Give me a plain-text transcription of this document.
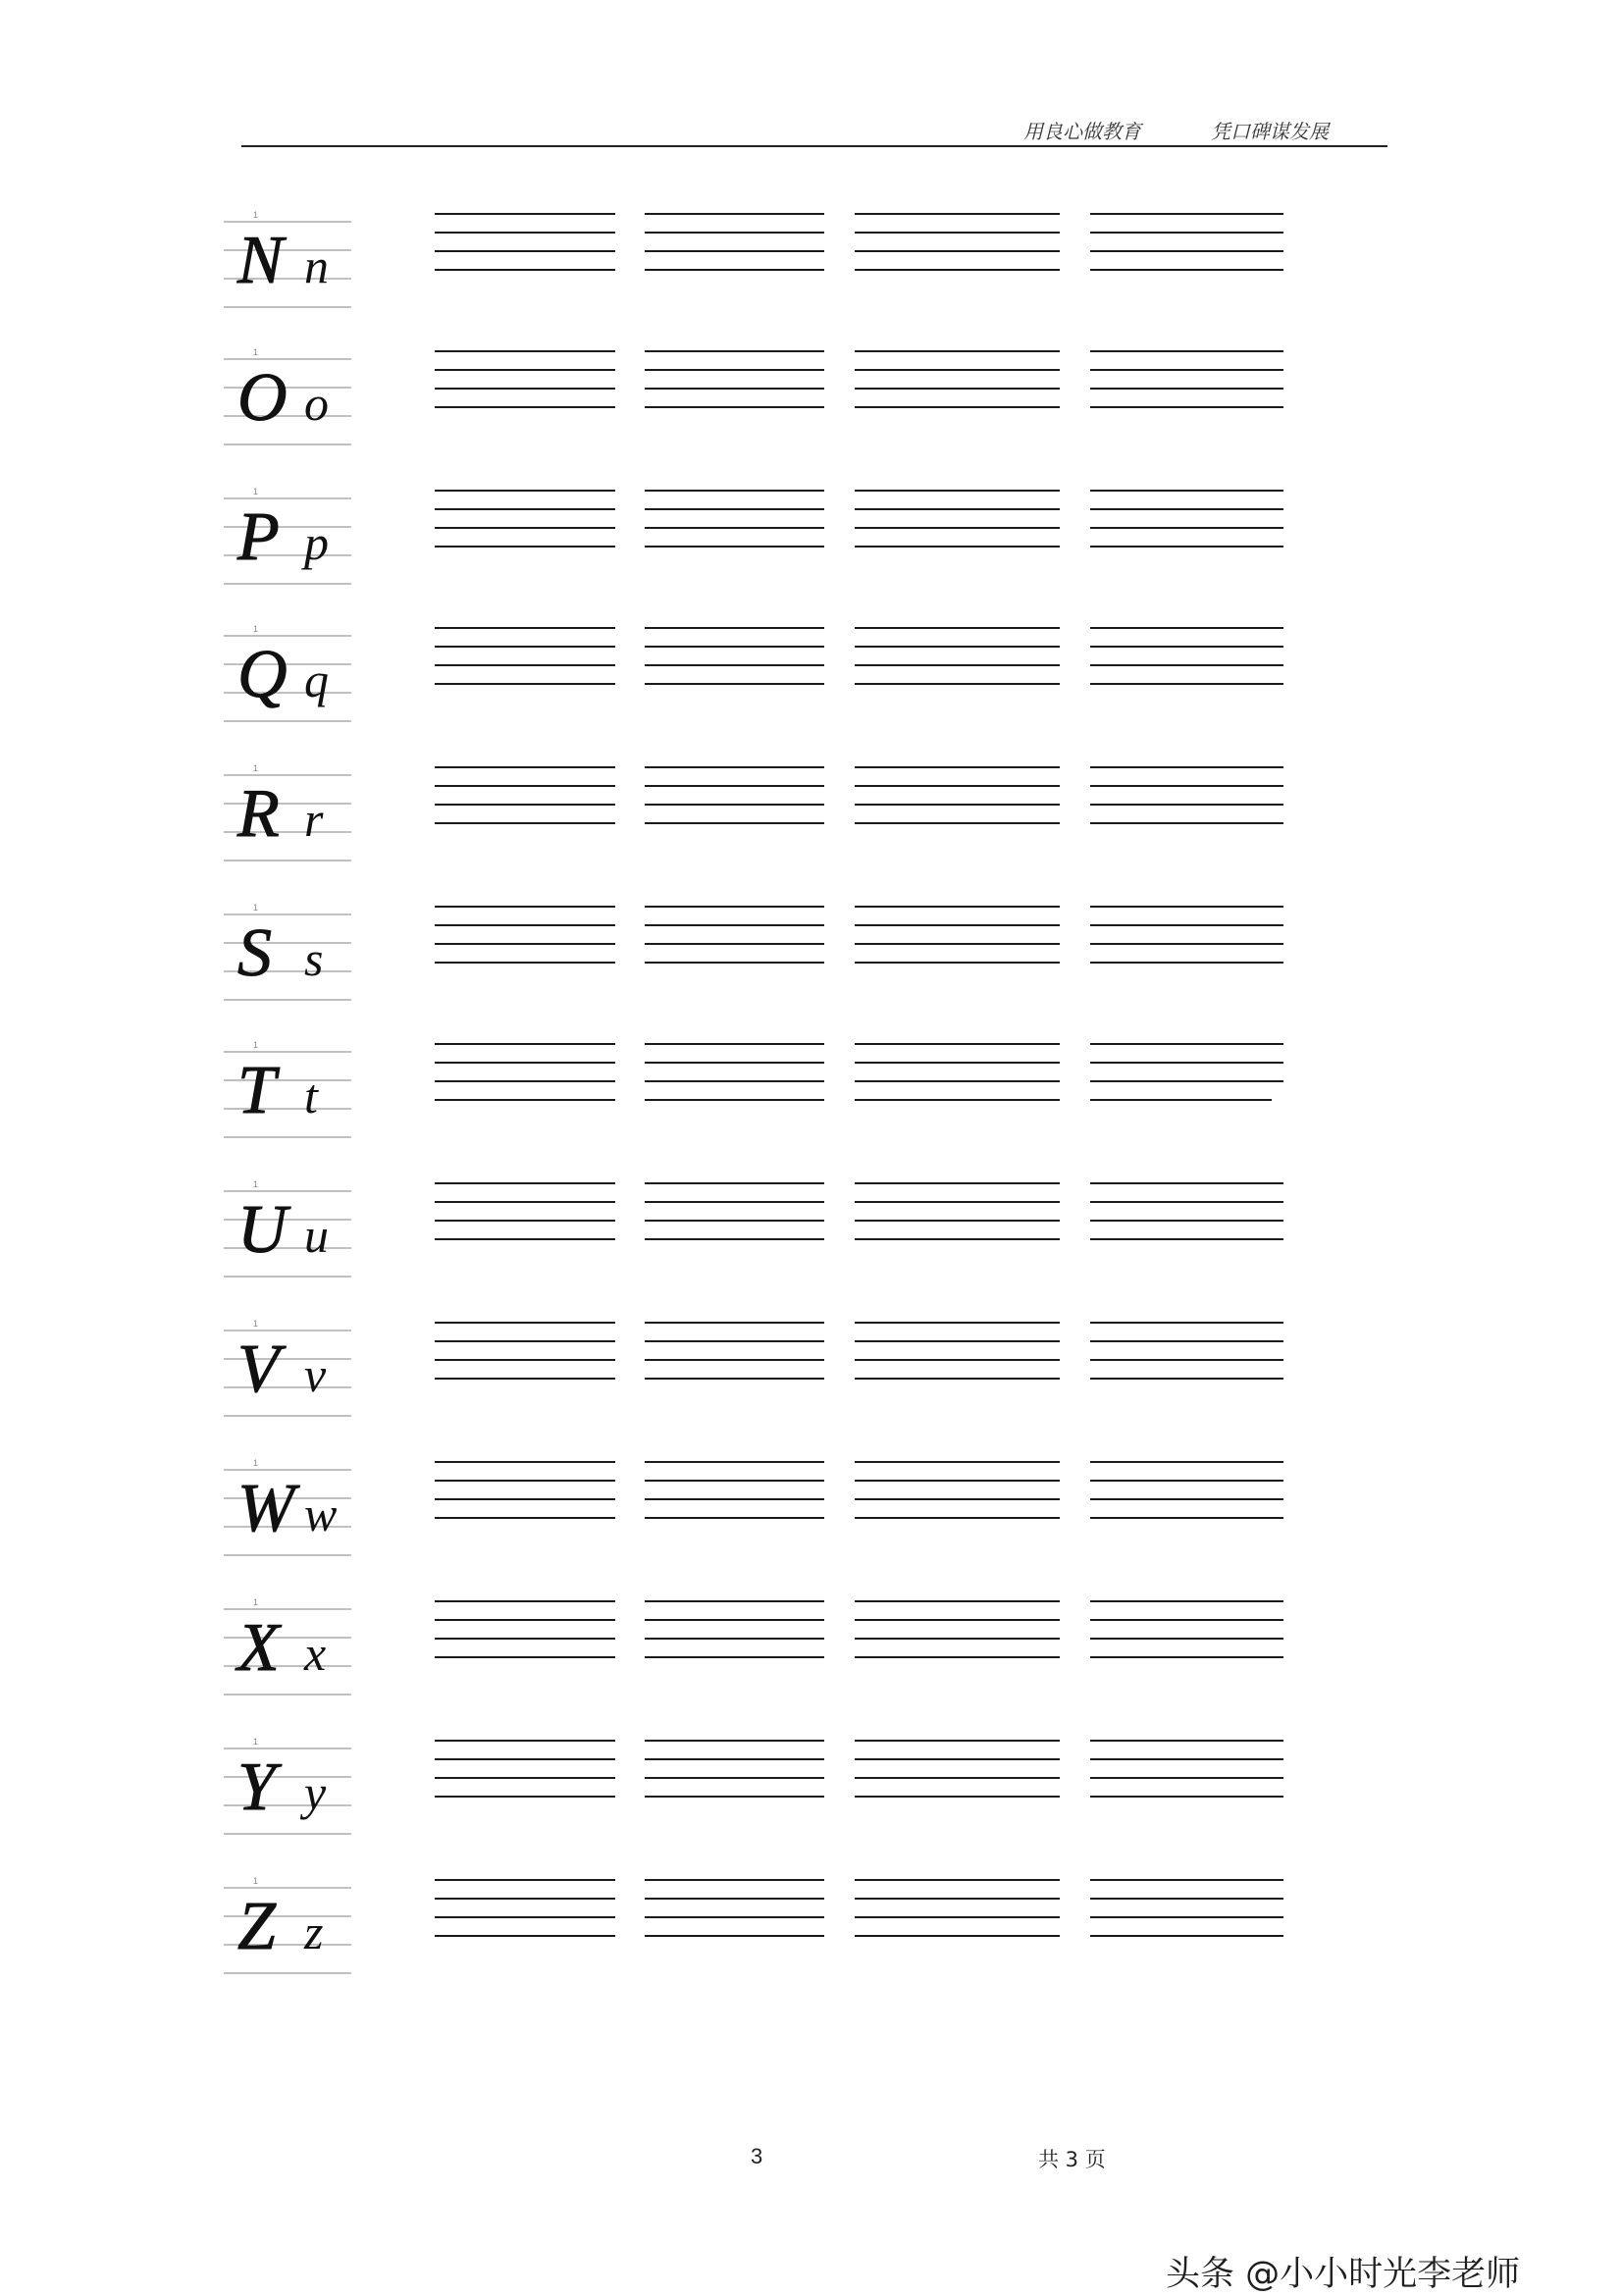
用良心做教育	凭口碑谋发展
N n
1
O o
1
P p
1
Q q
1
R r
1
S s
1
T t
1
U u
1
V v
1
W w
1
X x
1
Y y
1
Z z
1
3	共 3 页
头条 @小小时光李老师
